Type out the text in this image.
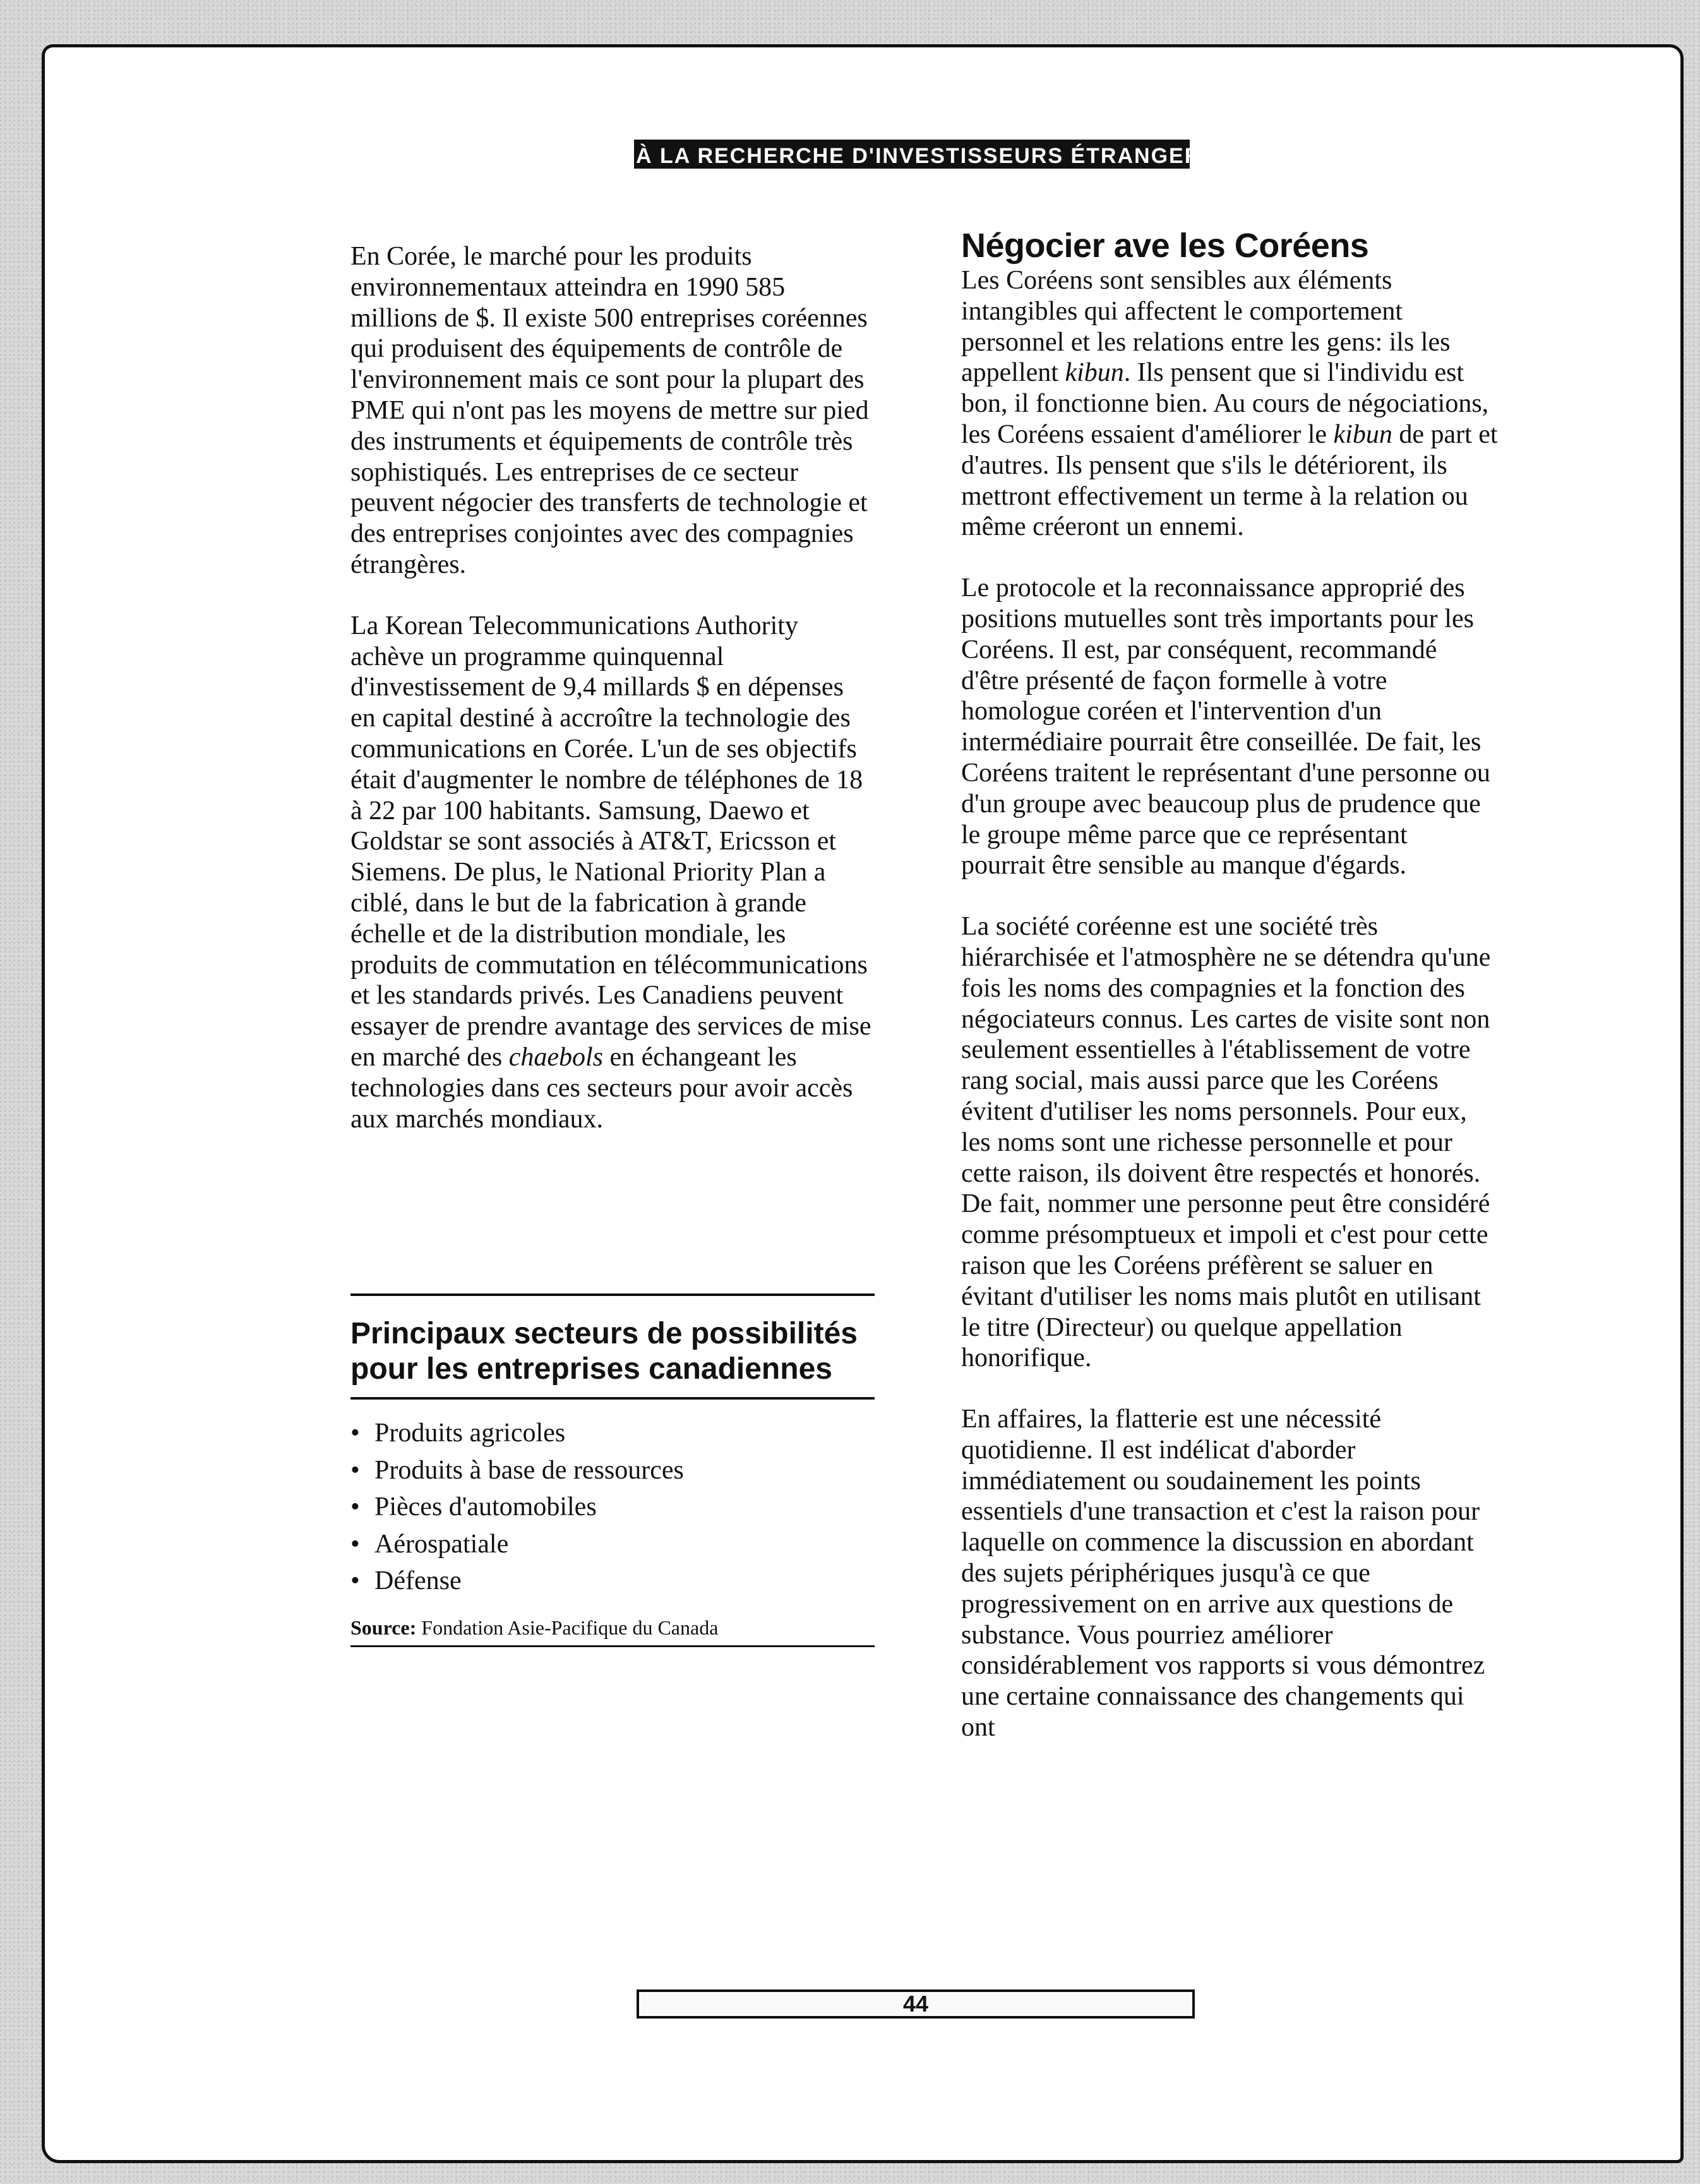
À LA RECHERCHE D'INVESTISSEURS ÉTRANGERS

En Corée, le marché pour les produits environnementaux atteindra en 1990 585 millions de $. Il existe 500 entreprises coréennes qui produisent des équipements de contrôle de l'environnement mais ce sont pour la plupart des PME qui n'ont pas les moyens de mettre sur pied des instruments et équipements de contrôle très sophistiqués. Les entreprises de ce secteur peuvent négocier des transferts de technologie et des entreprises conjointes avec des compagnies étrangères.

La Korean Telecommunications Authority achève un programme quinquennal d'investissement de 9,4 millards $ en dépenses en capital destiné à accroître la technologie des communications en Corée. L'un de ses objectifs était d'augmenter le nombre de téléphones de 18 à 22 par 100 habitants. Samsung, Daewo et Goldstar se sont associés à AT&T, Ericsson et Siemens. De plus, le National Priority Plan a ciblé, dans le but de la fabrication à grande échelle et de la distribution mondiale, les produits de commutation en télécommunications et les standards privés. Les Canadiens peuvent essayer de prendre avantage des services de mise en marché des chaebols en échangeant les technologies dans ces secteurs pour avoir accès aux marchés mondiaux.

Principaux secteurs de possibilités
pour les entreprises canadiennes
• Produits agricoles
• Produits à base de ressources
• Pièces d'automobiles
• Aérospatiale
• Défense
Source: Fondation Asie-Pacifique du Canada
Négocier ave les Coréens

Les Coréens sont sensibles aux éléments intangibles qui affectent le comportement personnel et les relations entre les gens: ils les appellent kibun. Ils pensent que si l'individu est bon, il fonctionne bien. Au cours de négociations, les Coréens essaient d'améliorer le kibun de part et d'autres. Ils pensent que s'ils le détériorent, ils mettront effectivement un terme à la relation ou même créeront un ennemi.

Le protocole et la reconnaissance approprié des positions mutuelles sont très importants pour les Coréens. Il est, par conséquent, recommandé d'être présenté de façon formelle à votre homologue coréen et l'intervention d'un intermédiaire pourrait être conseillée. De fait, les Coréens traitent le représentant d'une personne ou d'un groupe avec beaucoup plus de prudence que le groupe même parce que ce représentant pourrait être sensible au manque d'égards.

La société coréenne est une société très hiérarchisée et l'atmosphère ne se détendra qu'une fois les noms des compagnies et la fonction des négociateurs connus. Les cartes de visite sont non seulement essentielles à l'établissement de votre rang social, mais aussi parce que les Coréens évitent d'utiliser les noms personnels. Pour eux, les noms sont une richesse personnelle et pour cette raison, ils doivent être respectés et honorés. De fait, nommer une personne peut être considéré comme présomptueux et impoli et c'est pour cette raison que les Coréens préfèrent se saluer en évitant d'utiliser les noms mais plutôt en utilisant le titre (Directeur) ou quelque appellation honorifique.

En affaires, la flatterie est une nécessité quotidienne. Il est indélicat d'aborder immédiatement ou soudainement les points essentiels d'une transaction et c'est la raison pour laquelle on commence la discussion en abordant des sujets périphériques jusqu'à ce que progressivement on en arrive aux questions de substance. Vous pourriez améliorer considérablement vos rapports si vous démontrez une certaine connaissance des changements qui ont

44
